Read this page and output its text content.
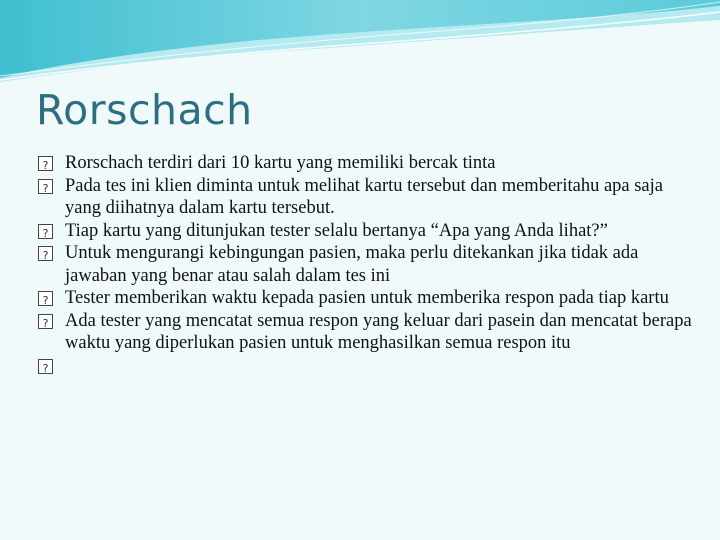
Rorschach
?
Rorschach terdiri dari 10 kartu yang memiliki bercak tinta
?
Pada tes ini klien diminta untuk melihat kartu tersebut dan memberitahu apa saja yang diihatnya dalam kartu tersebut.
?
Tiap kartu yang ditunjukan tester selalu bertanya “Apa yang Anda lihat?”
?
Untuk mengurangi kebingungan pasien, maka perlu ditekankan jika tidak ada jawaban yang benar atau salah dalam tes ini
?
Tester memberikan waktu kepada pasien untuk memberika respon pada tiap kartu
?
Ada tester yang mencatat semua respon yang keluar dari pasein dan mencatat berapa waktu yang diperlukan pasien untuk menghasilkan semua respon itu
?
